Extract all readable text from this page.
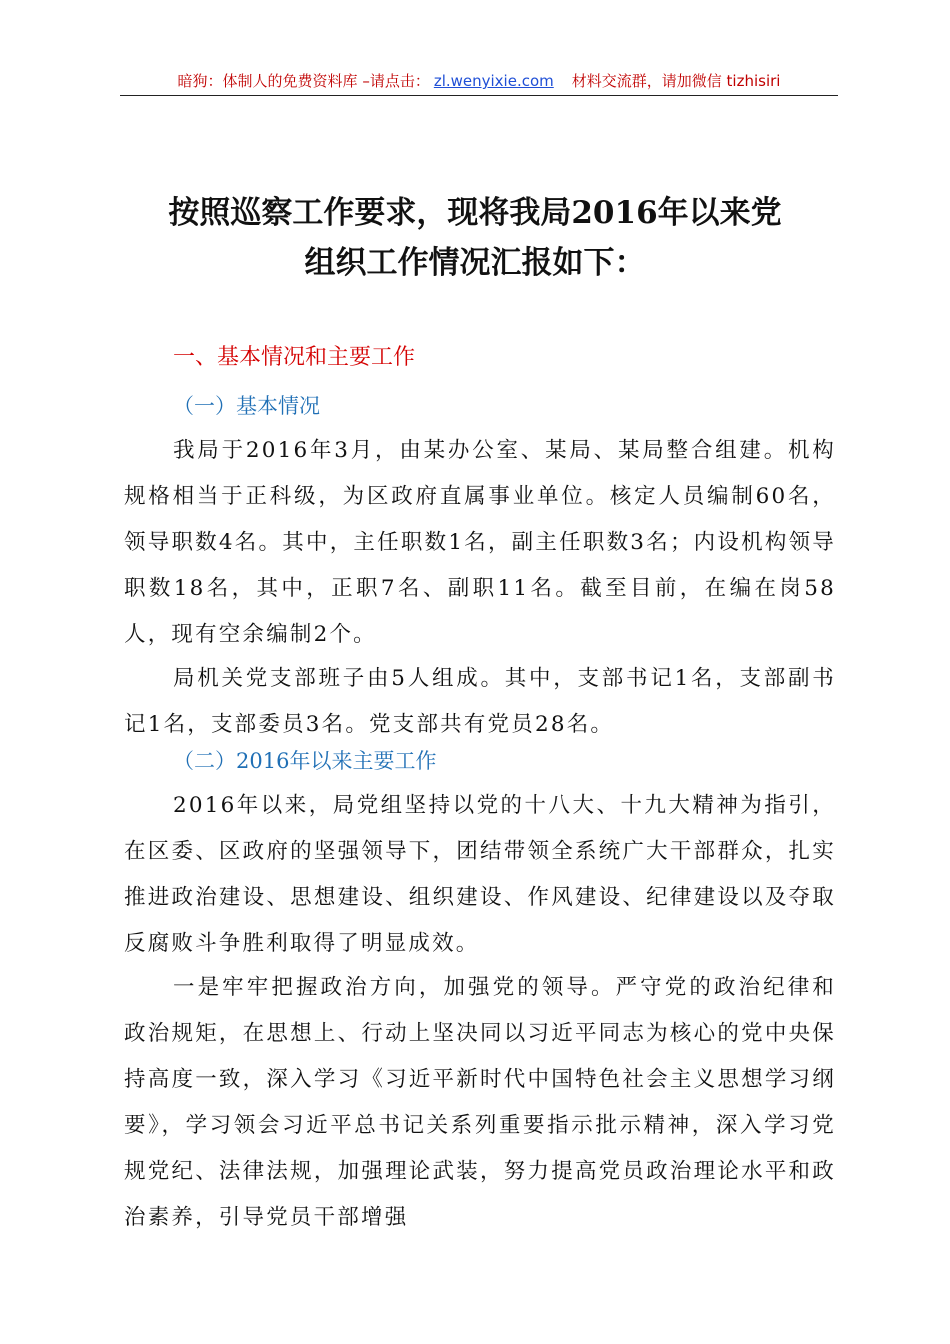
暗狗：体制人的免费资料库 –请点击： zl.wenyixie.com 材料交流群，请加微信 tizhisiri
按照巡察工作要求，现将我局2016年以来党
组织工作情况汇报如下：
一、基本情况和主要工作
（一）基本情况
我局于2016年3月，由某办公室、某局、某局整合组建。机构规格相当于正科级，为区政府直属事业单位。核定人员编制60名，领导职数4名。其中，主任职数1名，副主任职数3名；内设机构领导职数18名，其中，正职7名、副职11名。截至目前，在编在岗58人，现有空余编制2个。
局机关党支部班子由5人组成。其中，支部书记1名，支部副书记1名，支部委员3名。党支部共有党员28名。
（二）2016年以来主要工作
2016年以来，局党组坚持以党的十八大、十九大精神为指引，在区委、区政府的坚强领导下，团结带领全系统广大干部群众，扎实推进政治建设、思想建设、组织建设、作风建设、纪律建设以及夺取反腐败斗争胜利取得了明显成效。
一是牢牢把握政治方向，加强党的领导。严守党的政治纪律和政治规矩，在思想上、行动上坚决同以习近平同志为核心的党中央保持高度一致，深入学习《习近平新时代中国特色社会主义思想学习纲要》，学习领会习近平总书记关系列重要指示批示精神，深入学习党规党纪、法律法规，加强理论武装，努力提高党员政治理论水平和政治素养，引导党员干部增强
